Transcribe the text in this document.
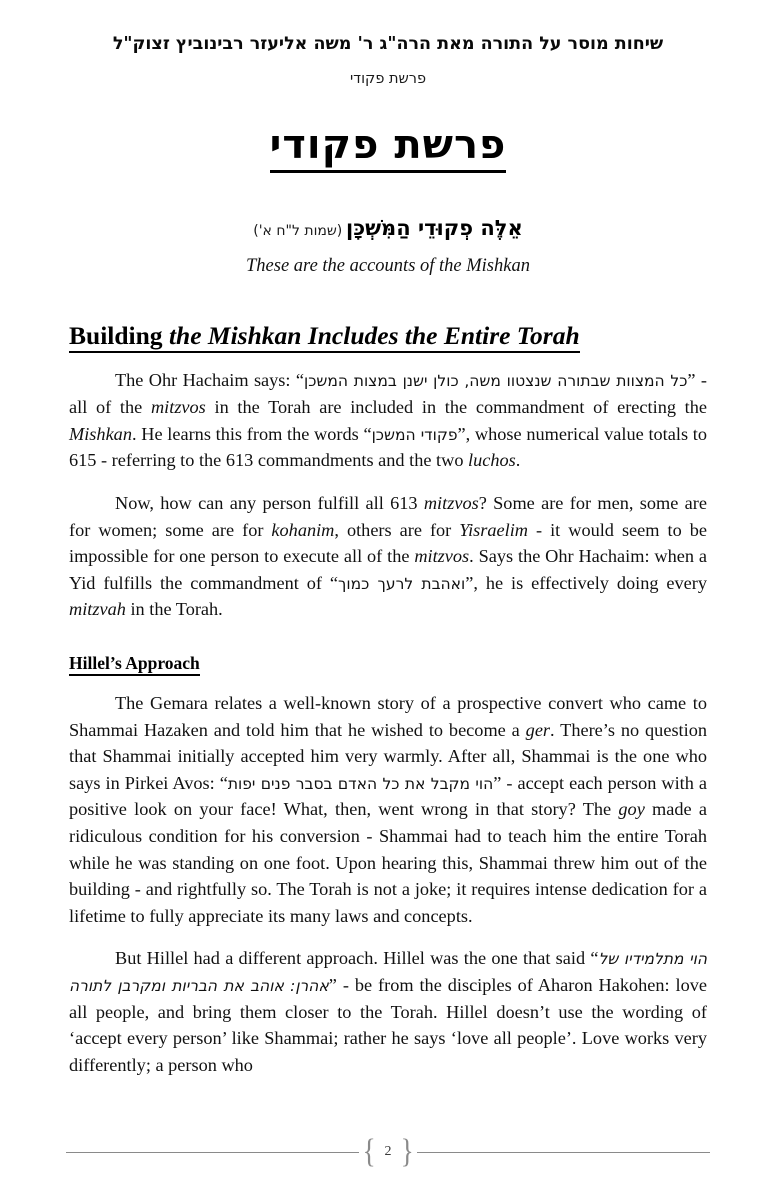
שיחות מוסר על התורה מאת הרה"ג ר' משה אליעזר רבינוביץ זצוק"ל
פרשת פקודי
פרשת פקודי
אֵלֶּה פְקוּדֵי הַמִּשְׁכָּן (שמות ל"ח א')
These are the accounts of the Mishkan
Building the Mishkan Includes the Entire Torah

The Ohr Hachaim says: “כל המצוות שבתורה שנצטוו משה, כולן ישנן במצות המשכן” - all of the mitzvos in the Torah are included in the commandment of erecting the Mishkan. He learns this from the words “פקודי המשכן”, whose numerical value totals to 615 - referring to the 613 commandments and the two luchos.

Now, how can any person fulfill all 613 mitzvos? Some are for men, some are for women; some are for kohanim, others are for Yisraelim - it would seem to be impossible for one person to execute all of the mitzvos. Says the Ohr Hachaim: when a Yid fulfills the commandment of “ואהבת לרעך כמוך”, he is effectively doing every mitzvah in the Torah.

Hillel’s Approach

The Gemara relates a well-known story of a prospective convert who came to Shammai Hazaken and told him that he wished to become a ger. There’s no question that Shammai initially accepted him very warmly. After all, Shammai is the one who says in Pirkei Avos: “הוי מקבל את כל האדם בסבר פנים יפות” - accept each person with a positive look on your face! What, then, went wrong in that story? The goy made a ridiculous condition for his conversion - Shammai had to teach him the entire Torah while he was standing on one foot. Upon hearing this, Shammai threw him out of the building - and rightfully so. The Torah is not a joke; it requires intense dedication for a lifetime to fully appreciate its many laws and concepts.

But Hillel had a different approach. Hillel was the one that said “הוי מתלמידיו של אהרן: אוהב את הבריות ומקרבן לתורה” - be from the disciples of Aharon Hakohen: love all people, and bring them closer to the Torah. Hillel doesn’t use the wording of ‘accept every person’ like Shammai; rather he says ‘love all people’. Love works very differently; a person who

{ 2 }
